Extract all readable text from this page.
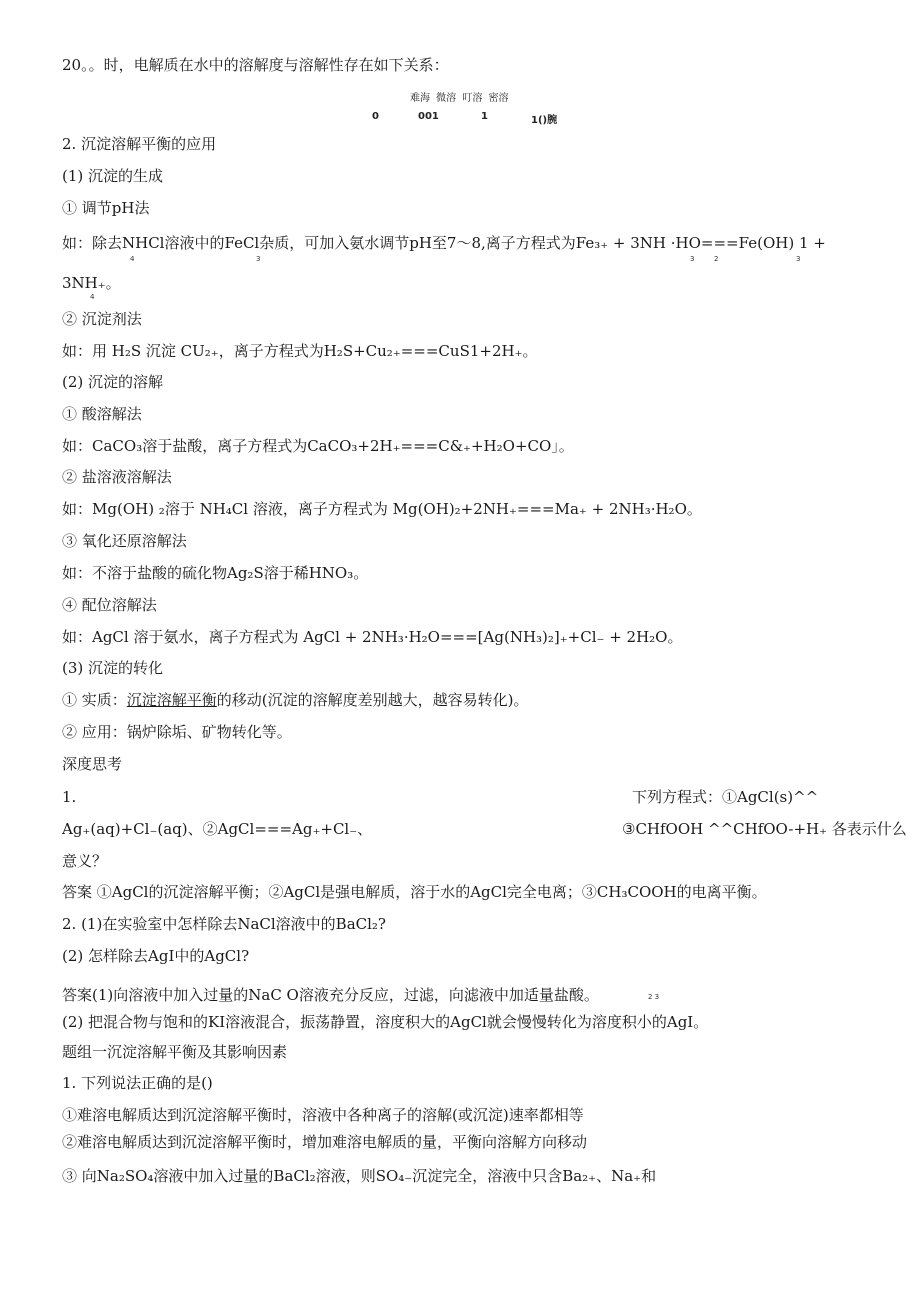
20。。时，电解质在水中的溶解度与溶解性存在如下关系：
难海 微溶 叮溶 密溶
0	001	1	1()腕
2. 沉淀溶解平衡的应用
(1) 沉淀的生成
① 调节pH法
如：除去NHCl溶液中的FeCl杂质，可加入氨水调节pH至7～8,离子方程式为Fe₃₊ + 3NH ·HO===Fe(OH) 1 +
4	3	3	2	3
3NH₊。
4
② 沉淀剂法
如：用 H₂S 沉淀 CU₂₊，离子方程式为H₂S+Cu₂₊===CuS1+2H₊。
(2) 沉淀的溶解
① 酸溶解法
如：CaCO₃溶于盐酸，离子方程式为CaCO₃+2H₊===C&₊+H₂O+CO」。
② 盐溶液溶解法
如：Mg(OH) ₂溶于 NH₄Cl 溶液，离子方程式为 Mg(OH)₂+2NH₊===Ma₊ + 2NH₃·H₂O。
③ 氧化还原溶解法
如：不溶于盐酸的硫化物Ag₂S溶于稀HNO₃。
④ 配位溶解法
如：AgCl 溶于氨水，离子方程式为 AgCl + 2NH₃·H₂O===[Ag(NH₃)₂]₊+Cl₋ + 2H₂O。
(3) 沉淀的转化
① 实质：沉淀溶解平衡的移动(沉淀的溶解度差别越大，越容易转化)。
② 应用：锅炉除垢、矿物转化等。
深度思考
1.	下列方程式：①AgCl(s)^^
Ag₊(aq)+Cl₋(aq)、②AgCl===Ag₊+Cl₋、	③CHfOOH ^^CHfOO-+H₊ 各表示什么
意义？
答案 ①AgCl的沉淀溶解平衡；②AgCl是强电解质，溶于水的AgCl完全电离；③CH₃COOH的电离平衡。
2. (1)在实验室中怎样除去NaCl溶液中的BaCl₂?
(2) 怎样除去AgI中的AgCl?
答案(1)向溶液中加入过量的NaC O溶液充分反应，过滤，向滤液中加适量盐酸。	2 3
(2) 把混合物与饱和的KI溶液混合，振荡静置，溶度积大的AgCl就会慢慢转化为溶度积小的AgI。
题组一沉淀溶解平衡及其影响因素
1. 下列说法正确的是()
①难溶电解质达到沉淀溶解平衡时，溶液中各种离子的溶解(或沉淀)速率都相等
②难溶电解质达到沉淀溶解平衡时，增加难溶电解质的量，平衡向溶解方向移动
③ 向Na₂SO₄溶液中加入过量的BaCl₂溶液，则SO₄₋沉淀完全，溶液中只含Ba₂₊、Na₊和
